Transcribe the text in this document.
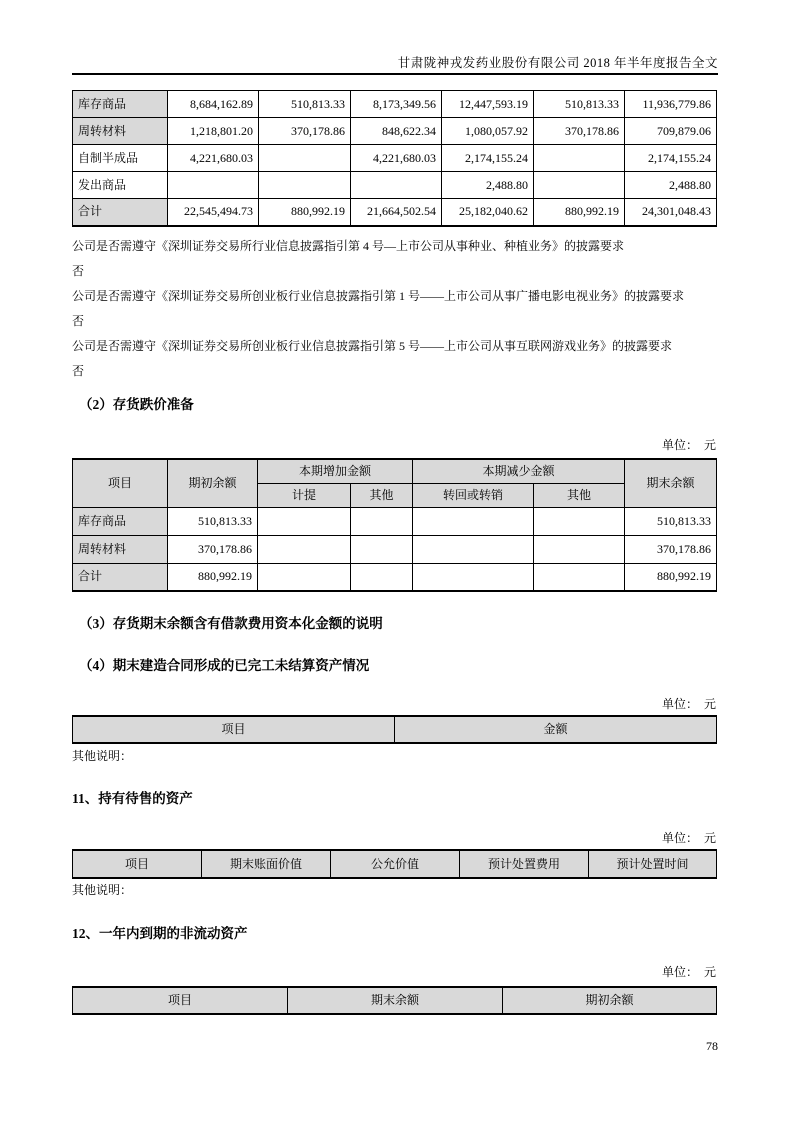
甘肃陇神戎发药业股份有限公司 2018 年半年度报告全文
库存商品	8,684,162.89	510,813.33	8,173,349.56	12,447,593.19	510,813.33	11,936,779.86
周转材料	1,218,801.20	370,178.86	848,622.34	1,080,057.92	370,178.86	709,879.06
自制半成品	4,221,680.03		4,221,680.03	2,174,155.24		2,174,155.24
发出商品				2,488.80		2,488.80
合计	22,545,494.73	880,992.19	21,664,502.54	25,182,040.62	880,992.19	24,301,048.43
公司是否需遵守《深圳证券交易所行业信息披露指引第 4 号—上市公司从事种业、种植业务》的披露要求
否
公司是否需遵守《深圳证券交易所创业板行业信息披露指引第 1 号——上市公司从事广播电影电视业务》的披露要求
否
公司是否需遵守《深圳证券交易所创业板行业信息披露指引第 5 号——上市公司从事互联网游戏业务》的披露要求
否
（2）存货跌价准备
单位：　元
项目	期初余额	本期增加金额		本期减少金额		期末余额
		计提	其他	转回或转销	其他	
库存商品	510,813.33					510,813.33
周转材料	370,178.86					370,178.86
合计	880,992.19					880,992.19
（3）存货期末余额含有借款费用资本化金额的说明
（4）期末建造合同形成的已完工未结算资产情况
单位：　元
项目	金额
其他说明：
11、持有待售的资产
单位：　元
项目	期末账面价值	公允价值	预计处置费用	预计处置时间
其他说明：
12、一年内到期的非流动资产
单位：　元
项目	期末余额	期初余额
78
